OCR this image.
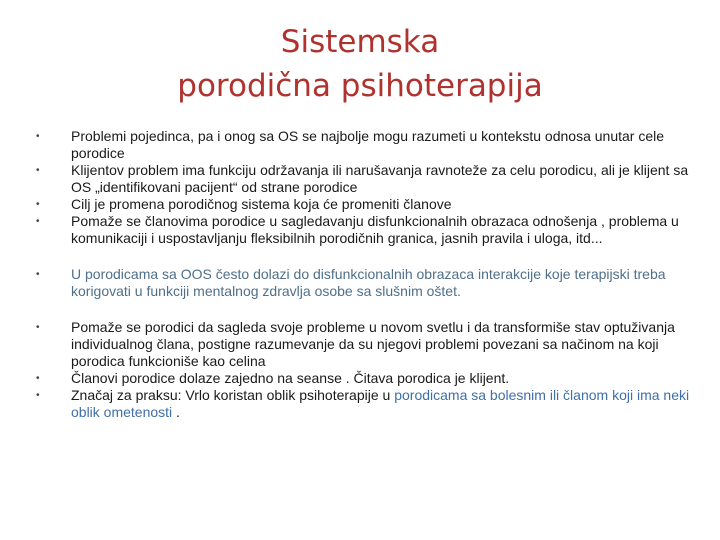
Sistemska
porodična psihoterapija
•	Problemi pojedinca, pa i onog sa OS se najbolje mogu razumeti u kontekstu odnosa unutar cele porodice
•	Klijentov problem ima funkciju održavanja ili narušavanja ravnoteže za celu porodicu, ali je klijent sa OS „identifikovani pacijent“ od strane porodice
•	Cilj je promena porodičnog sistema koja će promeniti članove
•	Pomaže se članovima porodice u sagledavanju disfunkcionalnih obrazaca odnošenja , problema u komunikaciji i uspostavljanju fleksibilnih porodičnih granica, jasnih pravila i uloga, itd...
•	U porodicama sa OOS često dolazi do disfunkcionalnih obrazaca interakcije koje terapijski treba korigovati u funkciji mentalnog zdravlja osobe sa slušnim oštet.
•	Pomaže se porodici da sagleda svoje probleme u novom svetlu i da transformiše stav optuživanja individualnog člana, postigne razumevanje da su njegovi problemi povezani sa načinom na koji porodica funkcioniše kao celina
•	Članovi porodice dolaze zajedno na seanse . Čitava porodica je klijent.
•	Značaj za praksu: Vrlo koristan oblik psihoterapije u porodicama sa bolesnim ili članom koji ima neki oblik ometenosti .
